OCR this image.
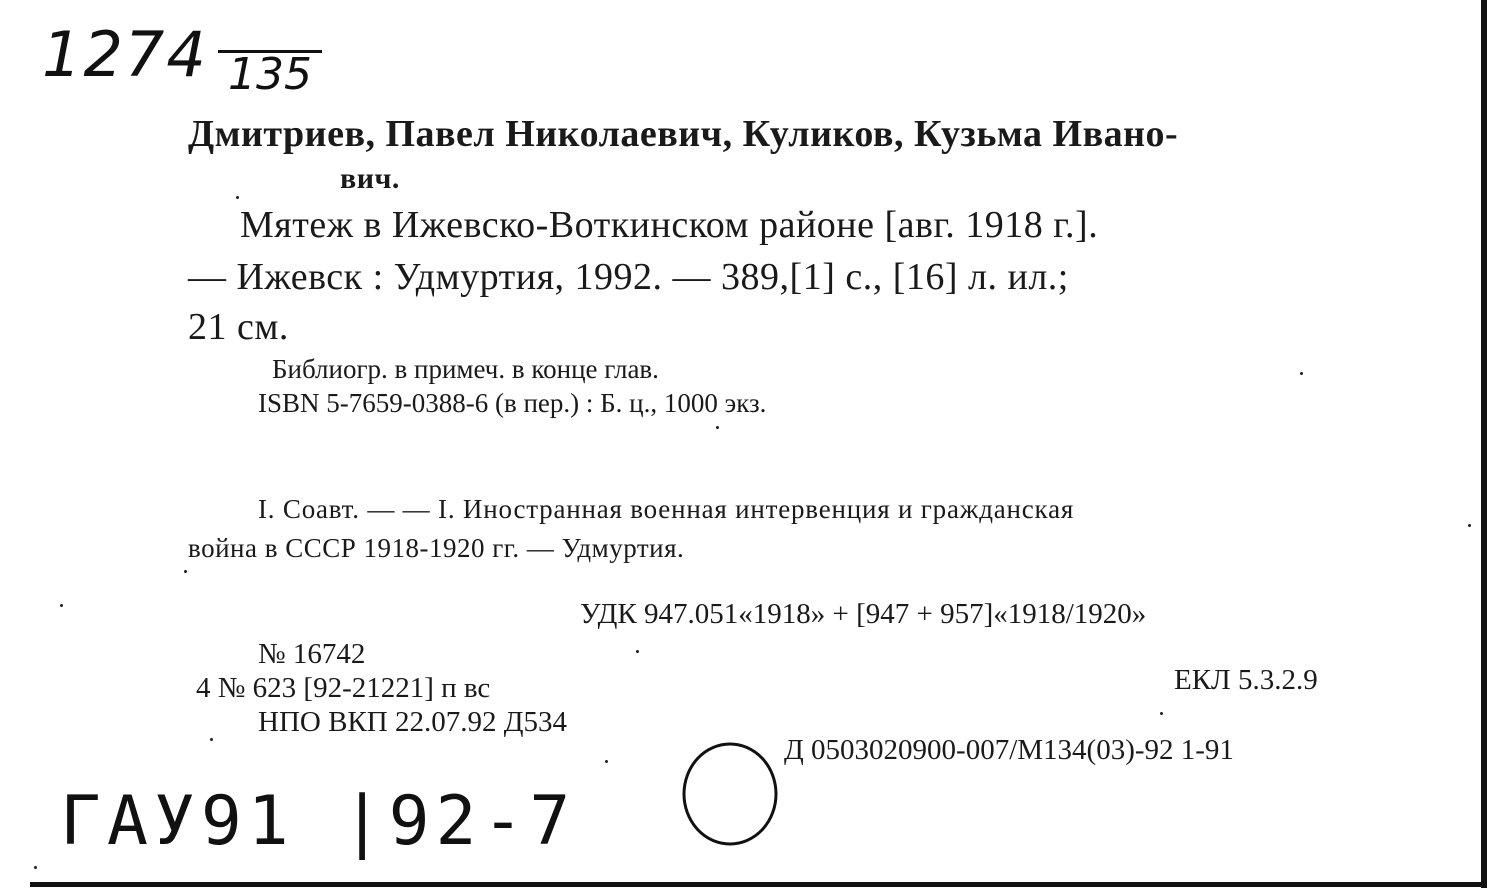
1274 135
Дмитриев, Павел Николаевич, Куликов, Кузьма Ивано-
вич.
Мятеж в Ижевско-Воткинском районе [авг. 1918 г.].
— Ижевск : Удмуртия, 1992. — 389,[1] с., [16] л. ил.;
21 см.
Библиогр. в примеч. в конце глав.
ISBN 5-7659-0388-6 (в пер.) : Б. ц., 1000 экз.
I. Соавт. — — I. Иностранная военная интервенция и гражданская
война в СССР 1918-1920 гг. — Удмуртия.
УДК 947.051«1918» + [947 + 957]«1918/1920»
№ 16742
4 № 623 [92-21221] п вс	ЕКЛ 5.3.2.9
НПО ВКП 22.07.92 Д534
Д 0503020900-007/М134(03)-92 1-91
ГАУ91 |92-7
